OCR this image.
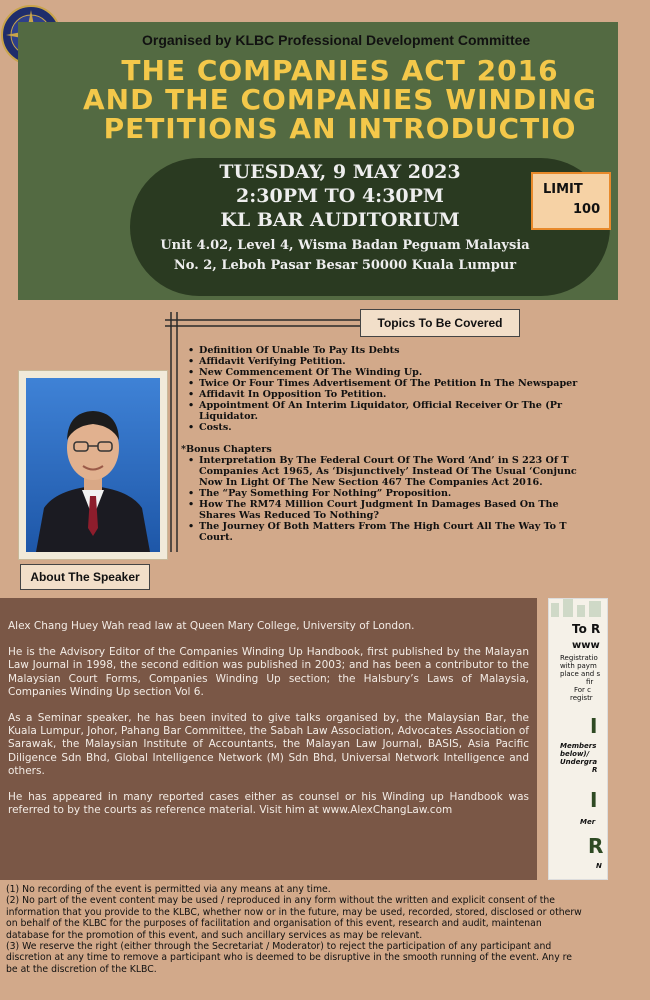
Organised by KLBC Professional Development Committee
THE COMPANIES ACT 2016
AND THE COMPANIES WINDING
PETITIONS AN INTRODUCTIO
TUESDAY, 9 MAY 2023
2:30PM TO 4:30PM
KL BAR AUDITORIUM
Unit 4.02, Level 4, Wisma Badan Peguam Malaysia
No. 2, Leboh Pasar Besar 50000 Kuala Lumpur
LIMIT
100
Topics To Be Covered
• Definition Of Unable To Pay Its Debts
• Affidavit Verifying Petition.
• New Commencement Of The Winding Up.
• Twice Or Four Times Advertisement Of The Petition In The Newspaper
• Affidavit In Opposition To Petition.
• Appointment Of An Interim Liquidator, Official Receiver Or The (Pr
Liquidator.
• Costs.
*Bonus Chapters
• Interpretation By The Federal Court Of The Word ‘And’ in S 223 Of T
Companies Act 1965, As ‘Disjunctively’ Instead Of The Usual ‘Conjunc
Now In Light Of The New Section 467 The Companies Act 2016.
• The “Pay Something For Nothing” Proposition.
• How The RM74 Million Court Judgment In Damages Based On The
Shares Was Reduced To Nothing?
• The Journey Of Both Matters From The High Court All The Way To T
Court.
About The Speaker

Alex Chang Huey Wah read law at Queen Mary College, University of London.

He is the Advisory Editor of the Companies Winding Up Handbook, first published by the Malayan Law Journal in 1998, the second edition was published in 2003; and has been a contributor to the Malaysian Court Forms, Companies Winding Up section; the Halsbury’s Laws of Malaysia, Companies Winding Up section Vol 6.

As a Seminar speaker, he has been invited to give talks organised by, the Malaysian Bar, the Kuala Lumpur, Johor, Pahang Bar Committee, the Sabah Law Association, Advocates Association of Sarawak, the Malaysian Institute of Accountants, the Malayan Law Journal, BASIS, Asia Pacific Diligence Sdn Bhd, Global Intelligence Network (M) Sdn Bhd, Universal Network Intelligence and others.

He has appeared in many reported cases either as counsel or his Winding up Handbook was referred to by the courts as reference material. Visit him at www.AlexChangLaw.com

To R
www
Registratio
with paym
place and s
fir
For c
registr
I
Members
below)/
Undergra
R
I
Mer
R
N
(1) No recording of the event is permitted via any means at any time.
(2) No part of the event content may be used / reproduced in any form without the written and explicit consent of the
information that you provide to the KLBC, whether now or in the future, may be used, recorded, stored, disclosed or otherw
on behalf of the KLBC for the purposes of facilitation and organisation of this event, research and audit, maintenan
database for the promotion of this event, and such ancillary services as may be relevant.
(3) We reserve the right (either through the Secretariat / Moderator) to reject the participation of any participant and
discretion at any time to remove a participant who is deemed to be disruptive in the smooth running of the event. Any re
be at the discretion of the KLBC.
